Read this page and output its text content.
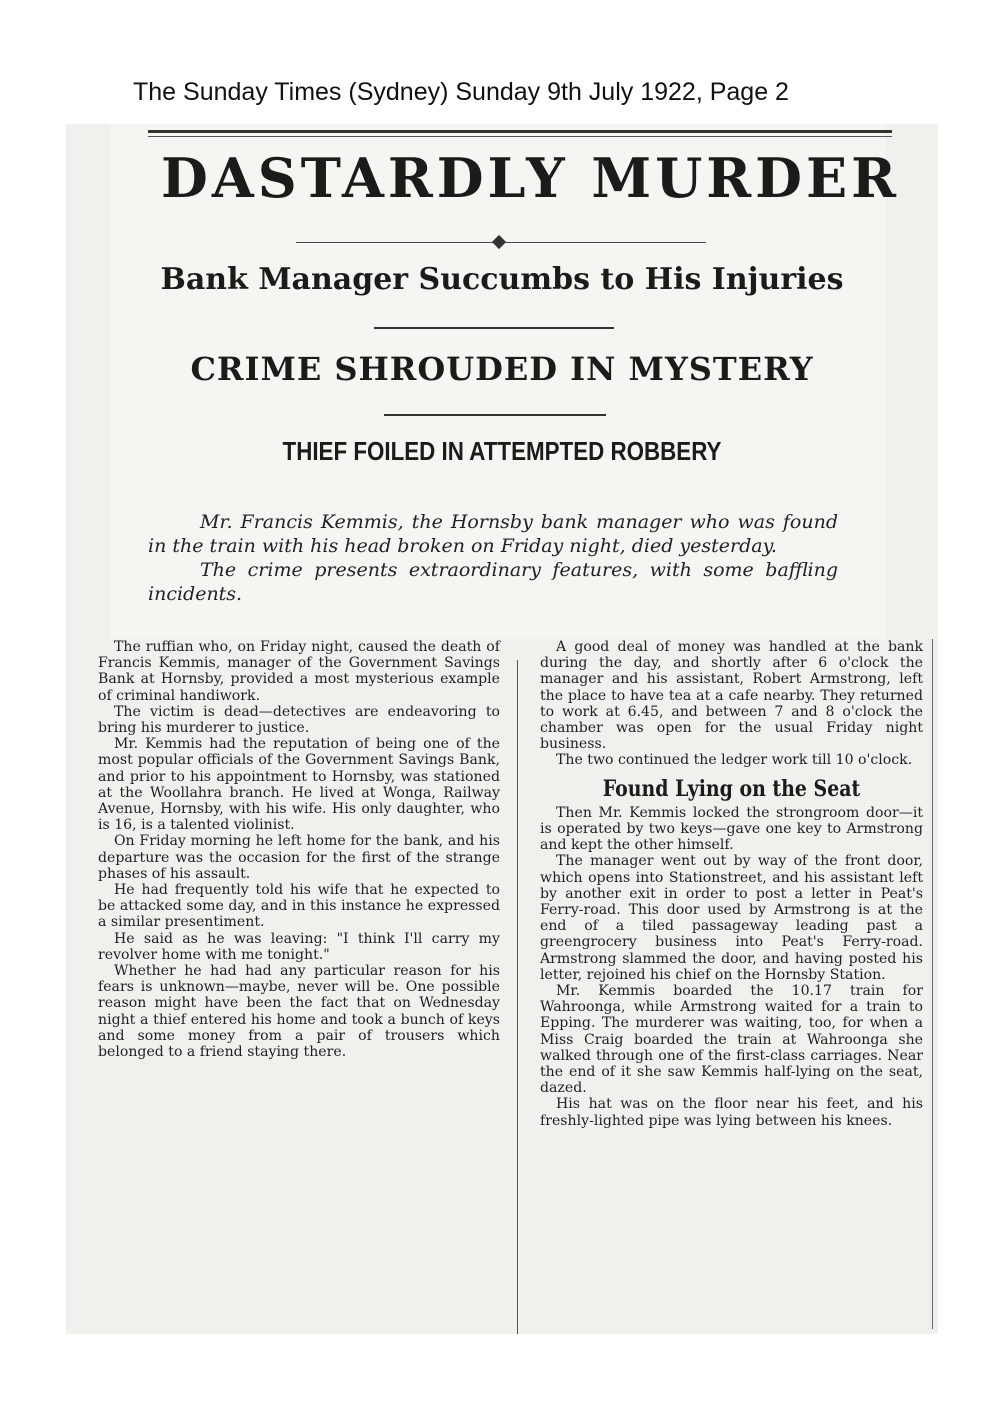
The Sunday Times (Sydney) Sunday 9th July 1922, Page 2
DASTARDLY MURDER
Bank Manager Succumbs to His Injuries
CRIME SHROUDED IN MYSTERY
THIEF FOILED IN ATTEMPTED ROBBERY

Mr. Francis Kemmis, the Hornsby bank manager who was found in the train with his head broken on Friday night, died yesterday.

The crime presents extraordinary features, with some baffling incidents.

The ruffian who, on Friday night, caused the death of Francis Kemmis, manager of the Government Savings Bank at Hornsby, provided a most mysterious example of criminal handiwork.

The victim is dead—detectives are endeavoring to bring his murderer to justice.

Mr. Kemmis had the reputation of being one of the most popular officials of the Government Savings Bank, and prior to his appointment to Hornsby, was stationed at the Woollahra branch. He lived at Wonga, Railway Avenue, Hornsby, with his wife. His only daughter, who is 16, is a talented violinist.

On Friday morning he left home for the bank, and his departure was the occasion for the first of the strange phases of his assault.

He had frequently told his wife that he expected to be attacked some day, and in this instance he expressed a similar presentiment.

He said as he was leaving: "I think I'll carry my revolver home with me tonight."

Whether he had had any particular reason for his fears is unknown—maybe, never will be. One possible reason might have been the fact that on Wednesday night a thief entered his home and took a bunch of keys and some money from a pair of trousers which belonged to a friend staying there.

A good deal of money was handled at the bank during the day, and shortly after 6 o'clock the manager and his assistant, Robert Armstrong, left the place to have tea at a cafe nearby. They returned to work at 6.45, and between 7 and 8 o'clock the chamber was open for the usual Friday night business.

The two continued the ledger work till 10 o'clock.

Found Lying on the Seat

Then Mr. Kemmis locked the strongroom door—it is operated by two keys—gave one key to Armstrong and kept the other himself.

The manager went out by way of the front door, which opens into Stationstreet, and his assistant left by another exit in order to post a letter in Peat's Ferry-road. This door used by Armstrong is at the end of a tiled passageway leading past a greengrocery business into Peat's Ferry-road. Armstrong slammed the door, and having posted his letter, rejoined his chief on the Hornsby Station.

Mr. Kemmis boarded the 10.17 train for Wahroonga, while Armstrong waited for a train to Epping. The murderer was waiting, too, for when a Miss Craig boarded the train at Wahroonga she walked through one of the first-class carriages. Near the end of it she saw Kemmis half-lying on the seat, dazed.

His hat was on the floor near his feet, and his freshly-lighted pipe was lying between his knees.
